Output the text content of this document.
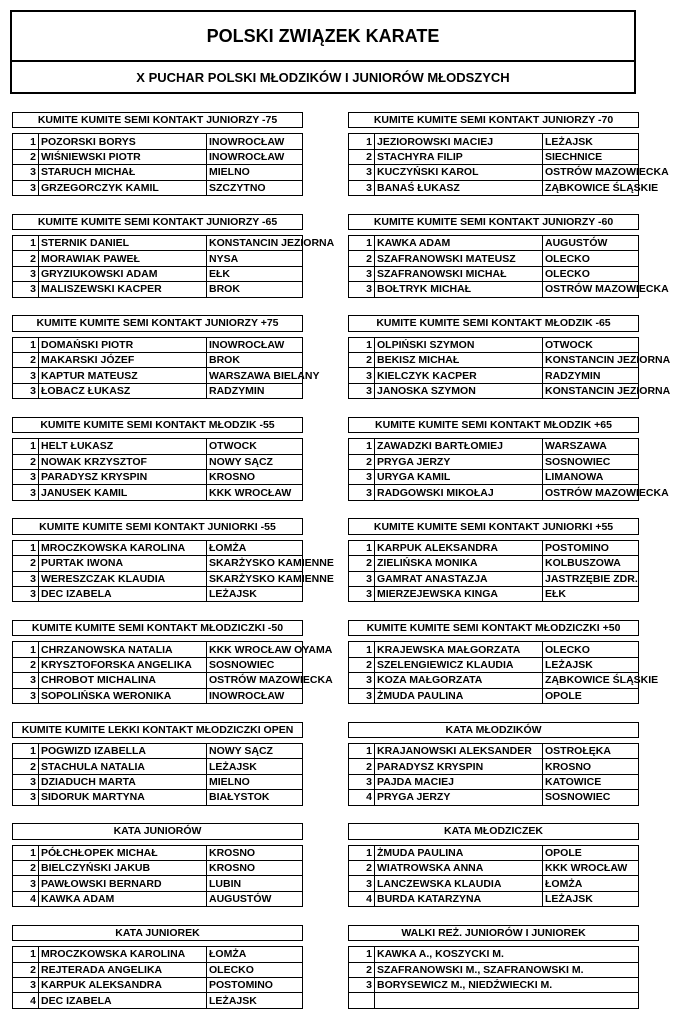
POLSKI ZWIĄZEK KARATE
X PUCHAR POLSKI MŁODZIKÓW I JUNIORÓW MŁODSZYCH
KUMITE KUMITE SEMI KONTAKT JUNIORZY -75		

1	POZORSKI BORYS	INOWROCŁAW
2	WIŚNIEWSKI PIOTR	INOWROCŁAW
3	STARUCH MICHAŁ	MIELNO
3	GRZEGORCZYK KAMIL	SZCZYTNO
KUMITE KUMITE SEMI KONTAKT JUNIORZY -70		

1	JEZIOROWSKI MACIEJ	LEŻAJSK
2	STACHYRA FILIP	SIECHNICE
3	KUCZYŃSKI KAROL	OSTRÓW MAZOWIECKA
3	BANAŚ ŁUKASZ	ZĄBKOWICE ŚLĄSKIE
KUMITE KUMITE SEMI KONTAKT JUNIORZY -65		

1	STERNIK DANIEL	KONSTANCIN JEZIORNA
2	MORAWIAK PAWEŁ	NYSA
3	GRYZIUKOWSKI ADAM	EŁK
3	MALISZEWSKI KACPER	BROK
KUMITE KUMITE SEMI KONTAKT JUNIORZY -60		

1	KAWKA ADAM	AUGUSTÓW
2	SZAFRANOWSKI MATEUSZ	OLECKO
3	SZAFRANOWSKI MICHAŁ	OLECKO
3	BOŁTRYK MICHAŁ	OSTRÓW MAZOWIECKA
KUMITE KUMITE SEMI KONTAKT JUNIORZY +75		

1	DOMAŃSKI PIOTR	INOWROCŁAW
2	MAKARSKI JÓZEF	BROK
3	KAPTUR MATEUSZ	WARSZAWA BIELANY
3	ŁOBACZ ŁUKASZ	RADZYMIN
KUMITE KUMITE SEMI KONTAKT MŁODZIK -65		

1	OLPIŃSKI SZYMON	OTWOCK
2	BEKISZ MICHAŁ	KONSTANCIN JEZIORNA
3	KIELCZYK KACPER	RADZYMIN
3	JANOSKA SZYMON	KONSTANCIN JEZIORNA
KUMITE KUMITE SEMI KONTAKT MŁODZIK -55		

1	HELT ŁUKASZ	OTWOCK
2	NOWAK KRZYSZTOF	NOWY SĄCZ
3	PARADYSZ KRYSPIN	KROSNO
3	JANUSEK KAMIL	KKK WROCŁAW
KUMITE KUMITE SEMI KONTAKT MŁODZIK +65		

1	ZAWADZKI BARTŁOMIEJ	WARSZAWA
2	PRYGA JERZY	SOSNOWIEC
3	URYGA KAMIL	LIMANOWA
3	RADGOWSKI MIKOŁAJ	OSTRÓW MAZOWIECKA
KUMITE KUMITE SEMI KONTAKT JUNIORKI -55		

1	MROCZKOWSKA KAROLINA	ŁOMŻA
2	PURTAK IWONA	SKARŻYSKO KAMIENNE
3	WERESZCZAK KLAUDIA	SKARŻYSKO KAMIENNE
3	DEC IZABELA	LEŻAJSK
KUMITE KUMITE SEMI KONTAKT JUNIORKI +55		

1	KARPUK ALEKSANDRA	POSTOMINO
2	ZIELIŃSKA MONIKA	KOLBUSZOWA
3	GAMRAT ANASTAZJA	JASTRZĘBIE ZDR.
3	MIERZEJEWSKA KINGA	EŁK
KUMITE KUMITE SEMI KONTAKT MŁODZICZKI -50		

1	CHRZANOWSKA NATALIA	KKK WROCŁAW OYAMA
2	KRYSZTOFORSKA ANGELIKA	SOSNOWIEC
3	CHROBOT MICHALINA	OSTRÓW MAZOWIECKA
3	SOPOLIŃSKA WERONIKA	INOWROCŁAW
KUMITE KUMITE SEMI KONTAKT MŁODZICZKI +50		

1	KRAJEWSKA MAŁGORZATA	OLECKO
2	SZELENGIEWICZ KLAUDIA	LEŻAJSK
3	KOZA MAŁGORZATA	ZĄBKOWICE ŚLĄSKIE
3	ŻMUDA PAULINA	OPOLE
KUMITE KUMITE LEKKI KONTAKT MŁODZICZKI OPEN		

1	POGWIZD IZABELLA	NOWY SĄCZ
2	STACHULA NATALIA	LEŻAJSK
3	DZIADUCH MARTA	MIELNO
3	SIDORUK MARTYNA	BIAŁYSTOK
KATA MŁODZIKÓW		

1	KRAJANOWSKI ALEKSANDER	OSTROŁĘKA
2	PARADYSZ KRYSPIN	KROSNO
3	PAJDA MACIEJ	KATOWICE
4	PRYGA JERZY	SOSNOWIEC
KATA JUNIORÓW		

1	PÓŁCHŁOPEK MICHAŁ	KROSNO
2	BIELCZYŃSKI JAKUB	KROSNO
3	PAWŁOWSKI BERNARD	LUBIN
4	KAWKA ADAM	AUGUSTÓW
KATA MŁODZICZEK		

1	ŻMUDA PAULINA	OPOLE
2	WIATROWSKA ANNA	KKK WROCŁAW
3	LANCZEWSKA KLAUDIA	ŁOMŻA
4	BURDA KATARZYNA	LEŻAJSK
KATA JUNIOREK		

1	MROCZKOWSKA KAROLINA	ŁOMŻA
2	REJTERADA ANGELIKA	OLECKO
3	KARPUK ALEKSANDRA	POSTOMINO
4	DEC IZABELA	LEŻAJSK
WALKI REŻ. JUNIORÓW I JUNIOREK	

1	KAWKA A., KOSZYCKI M.
2	SZAFRANOWSKI M., SZAFRANOWSKI M.
3	BORYSEWICZ M., NIEDŹWIECKI M.
